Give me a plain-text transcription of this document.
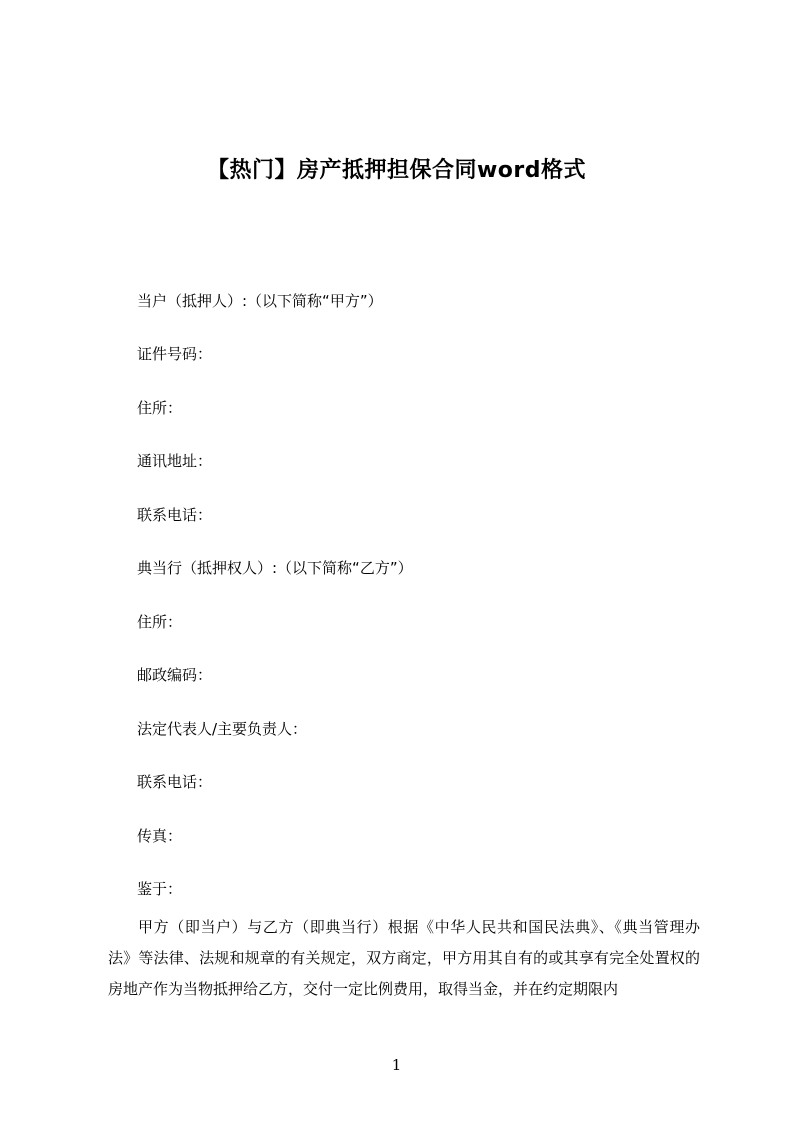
【热门】房产抵押担保合同word格式
当户（抵押人）:（以下简称“甲方”）
证件号码：
住所：
通讯地址：
联系电话：
典当行（抵押权人）:（以下简称“乙方”）
住所：
邮政编码：
法定代表人/主要负责人：
联系电话：
传真：
鉴于：

甲方（即当户）与乙方（即典当行）根据《中华人民共和国民法典》、《典当管理办法》等法律、法规和规章的有关规定，双方商定，甲方用其自有的或其享有完全处置权的房地产作为当物抵押给乙方，交付一定比例费用，取得当金，并在约定期限内

1
